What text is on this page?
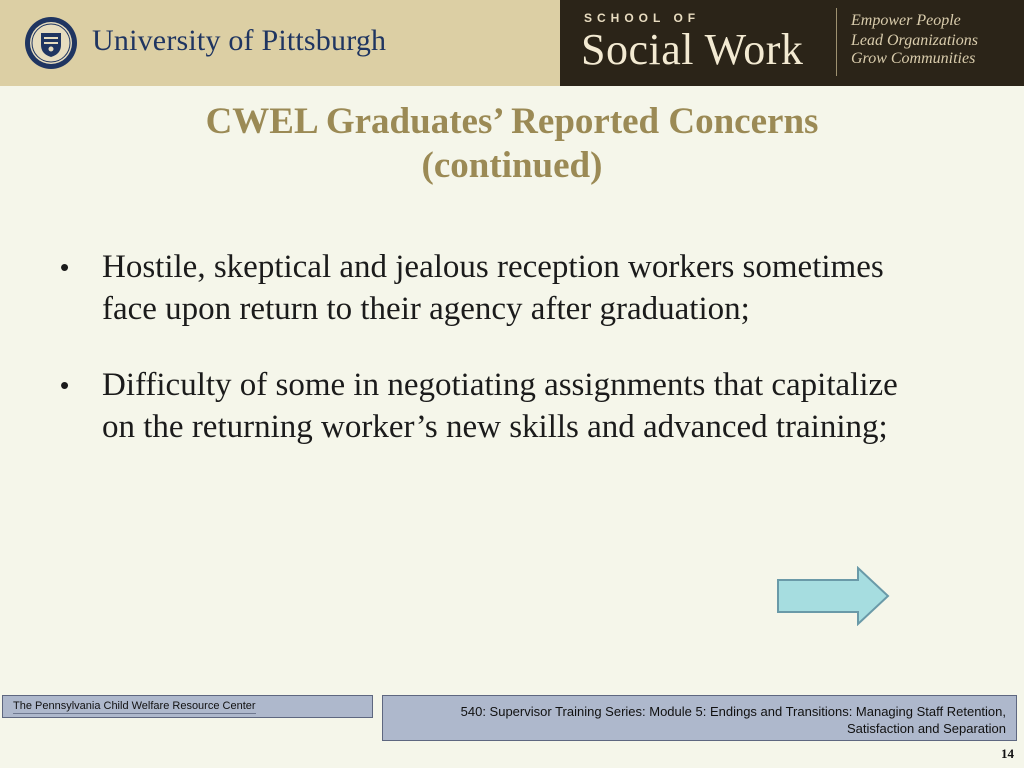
University of Pittsburgh
SCHOOL OF
Social Work
Empower People
Lead Organizations
Grow Communities
CWEL Graduates’ Reported Concerns
(continued)
• Hostile, skeptical and jealous reception workers sometimes face upon return to their agency after graduation;
• Difficulty of some in negotiating assignments that capitalize on the returning worker’s new skills and advanced training;
The Pennsylvania Child Welfare Resource Center	540: Supervisor Training Series: Module 5: Endings and Transitions: Managing Staff Retention,
Satisfaction and Separation
14
